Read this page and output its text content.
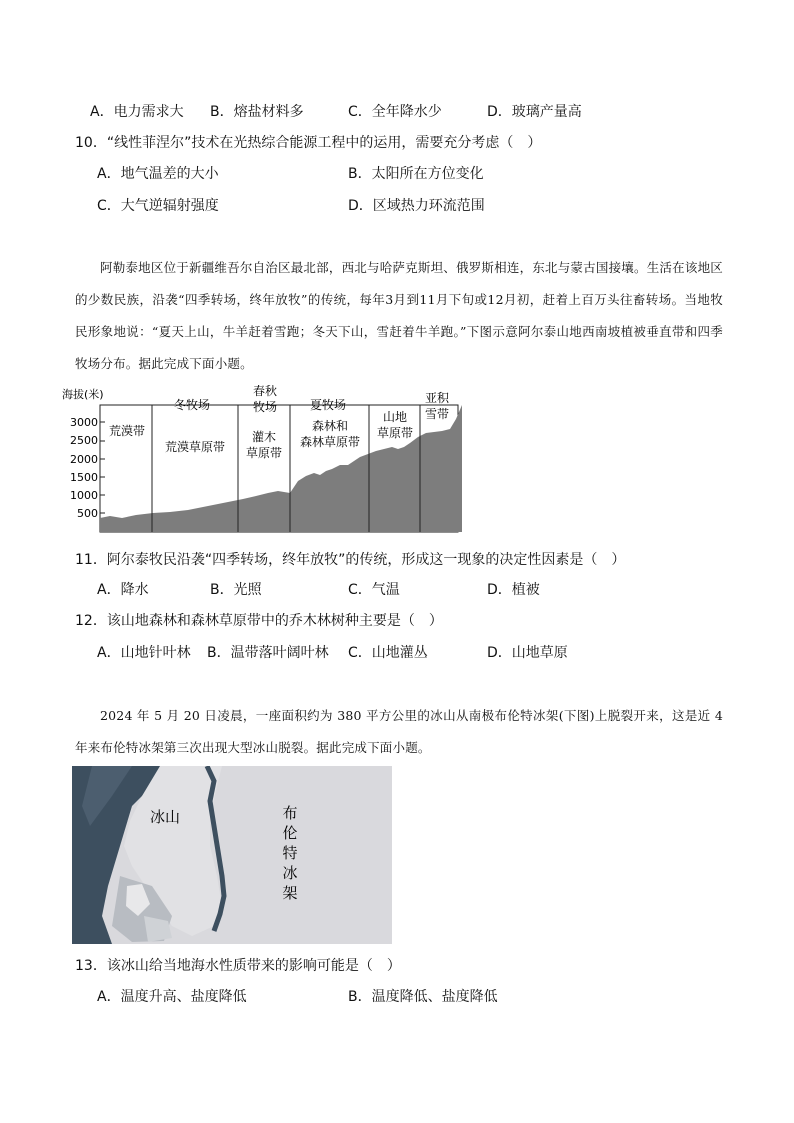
A．电力需求大 B．熔盐材料多	C．全年降水少	D．玻璃产量高
10．“线性菲涅尔”技术在光热综合能源工程中的运用，需要充分考虑（　）
A．地气温差的大小	B．太阳所在方位变化
C．大气逆辐射强度	D．区域热力环流范围

阿勒泰地区位于新疆维吾尔自治区最北部，西北与哈萨克斯坦、俄罗斯相连，东北与蒙古国接壤。生活在该地区的少数民族，沿袭“四季转场，终年放牧”的传统，每年3月到11月下旬或12月初，赶着上百万头往畜转场。当地牧民形象地说：“夏天上山，牛羊赶着雪跑；冬天下山，雪赶着牛羊跑。”下图示意阿尔泰山地西南坡植被垂直带和四季牧场分布。据此完成下面小题。

海拔(米)
3000
2500
2000
1500
1000
500
冬牧场
春秋
牧场	夏牧场
荒漠带
荒漠草原带
灌木
草原带
森林和
森林草原带
山地
草原带
亚积
雪带
11．阿尔泰牧民沿袭“四季转场，终年放牧”的传统，形成这一现象的决定性因素是（　）
A．降水	B．光照	C．气温	D．植被
12．该山地森林和森林草原带中的乔木林树种主要是（　）
A．山地针叶林 B．温带落叶阔叶林 C．山地灌丛	D．山地草原

2024 年 5 月 20 日凌晨，一座面积约为 380 平方公里的冰山从南极布伦特冰架(下图)上脱裂开来，这是近 4 年来布伦特冰架第三次出现大型冰山脱裂。据此完成下面小题。

冰山	布
伦
特
冰
架
13．该冰山给当地海水性质带来的影响可能是（　）
A．温度升高、盐度降低	B．温度降低、盐度降低
